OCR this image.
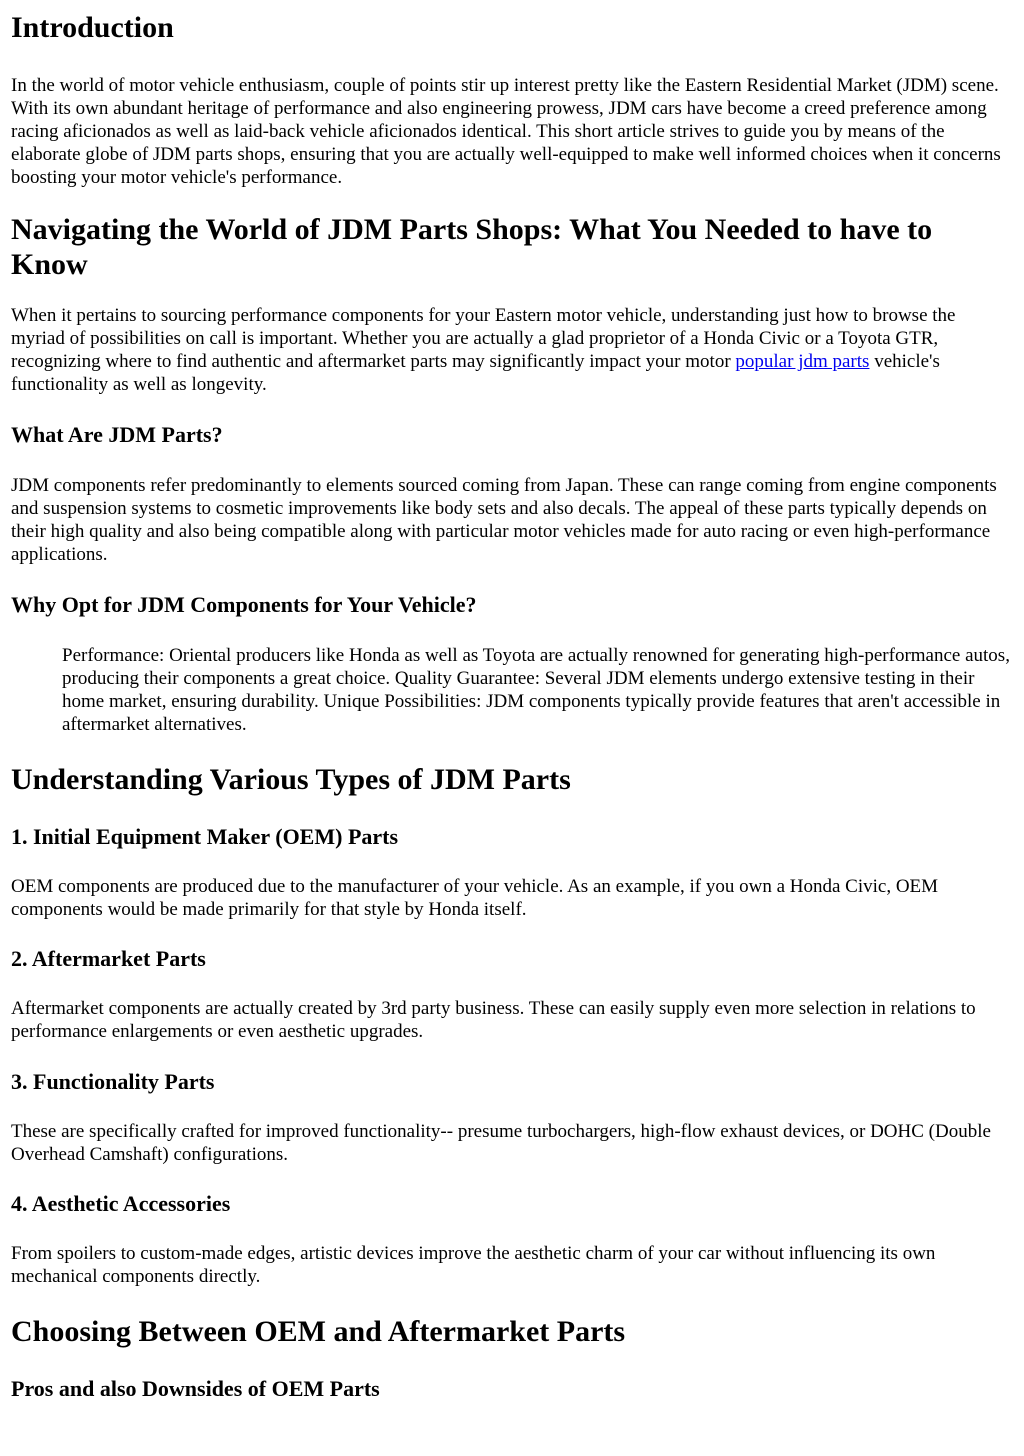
Introduction

In the world of motor vehicle enthusiasm, couple of points stir up interest pretty like the Eastern Residential Market (JDM) scene. With its own abundant heritage of performance and also engineering prowess, JDM cars have become a creed preference among racing aficionados as well as laid-back vehicle aficionados identical. This short article strives to guide you by means of the elaborate globe of JDM parts shops, ensuring that you are actually well-equipped to make well informed choices when it concerns boosting your motor vehicle's performance.

Navigating the World of JDM Parts Shops: What You Needed to have to Know

When it pertains to sourcing performance components for your Eastern motor vehicle, understanding just how to browse the myriad of possibilities on call is important. Whether you are actually a glad proprietor of a Honda Civic or a Toyota GTR, recognizing where to find authentic and aftermarket parts may significantly impact your motor popular jdm parts vehicle's functionality as well as longevity.

What Are JDM Parts?

JDM components refer predominantly to elements sourced coming from Japan. These can range coming from engine components and suspension systems to cosmetic improvements like body sets and also decals. The appeal of these parts typically depends on their high quality and also being compatible along with particular motor vehicles made for auto racing or even high-performance applications.

Why Opt for JDM Components for Your Vehicle?
Performance: Oriental producers like Honda as well as Toyota are actually renowned for generating high-performance autos, producing their components a great choice. Quality Guarantee: Several JDM elements undergo extensive testing in their home market, ensuring durability. Unique Possibilities: JDM components typically provide features that aren't accessible in aftermarket alternatives.
Understanding Various Types of JDM Parts
1. Initial Equipment Maker (OEM) Parts

OEM components are produced due to the manufacturer of your vehicle. As an example, if you own a Honda Civic, OEM components would be made primarily for that style by Honda itself.

2. Aftermarket Parts

Aftermarket components are actually created by 3rd party business. These can easily supply even more selection in relations to performance enlargements or even aesthetic upgrades.

3. Functionality Parts

These are specifically crafted for improved functionality-- presume turbochargers, high-flow exhaust devices, or DOHC (Double Overhead Camshaft) configurations.

4. Aesthetic Accessories

From spoilers to custom-made edges, artistic devices improve the aesthetic charm of your car without influencing its own mechanical components directly.

Choosing Between OEM and Aftermarket Parts
Pros and also Downsides of OEM Parts
